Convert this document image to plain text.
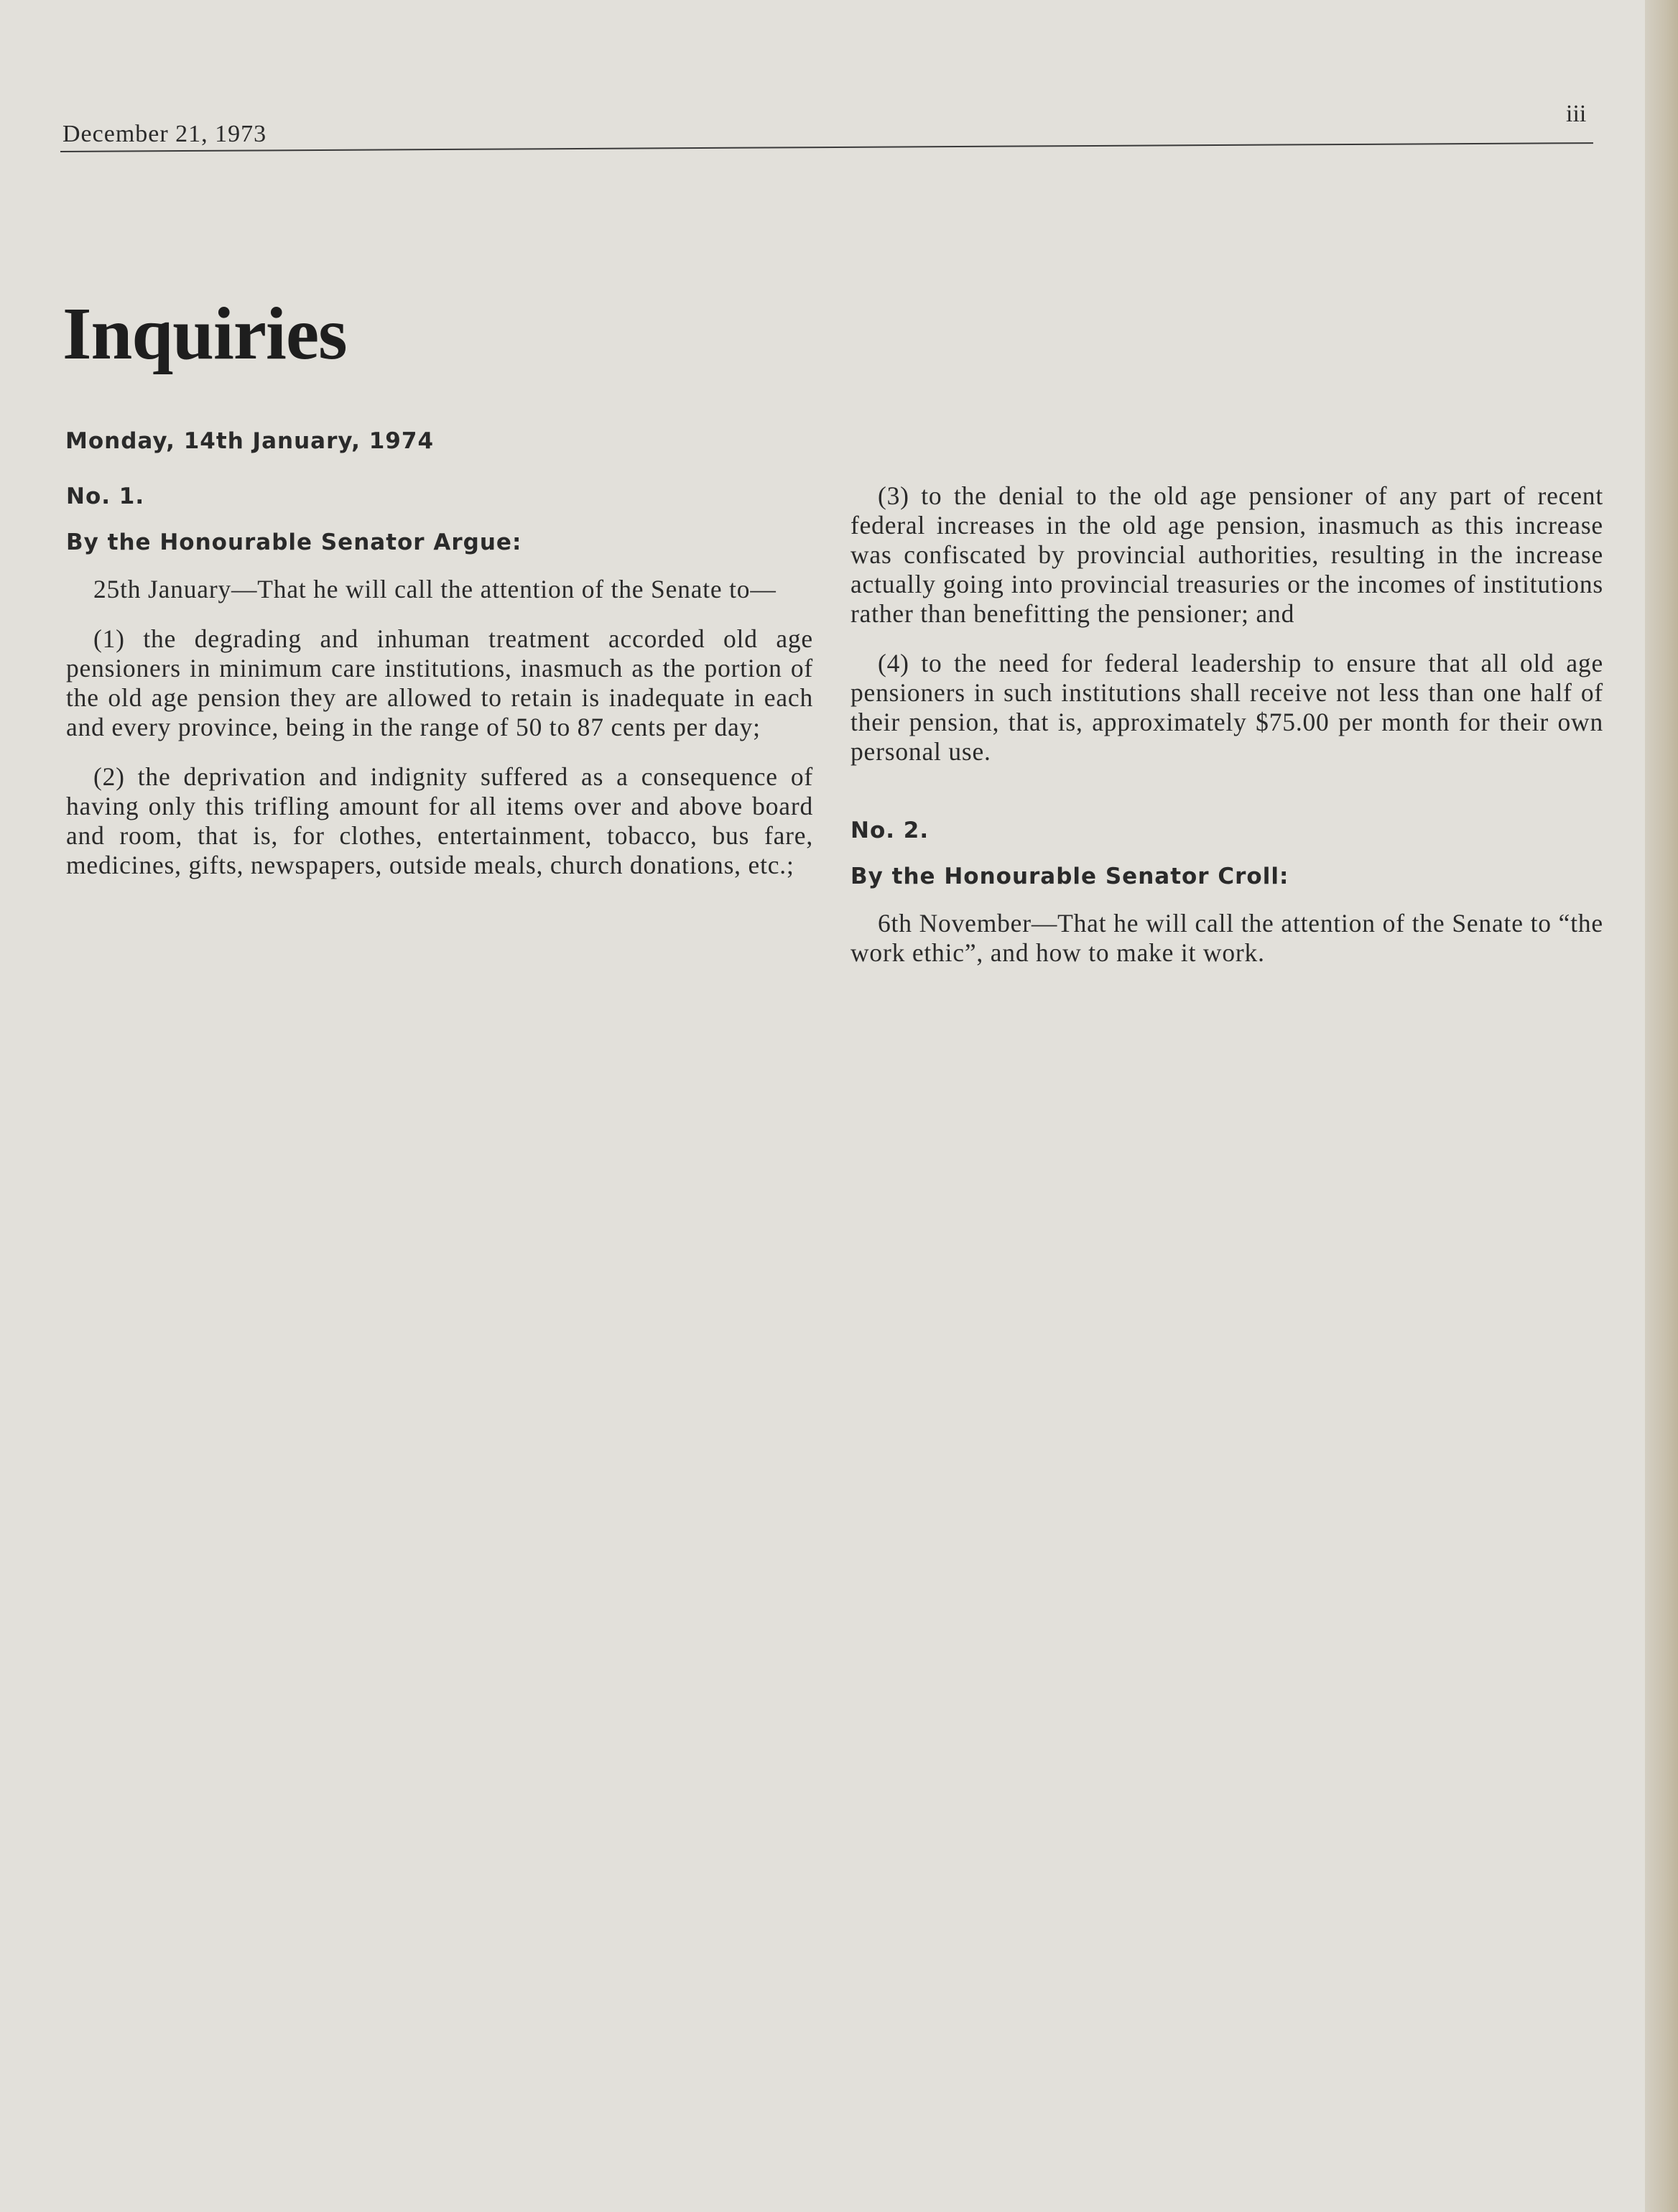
December 21, 1973
iii
Inquiries
Monday, 14th January, 1974
No. 1.
By the Honourable Senator Argue:

25th January—That he will call the attention of the Senate to—

(1) the degrading and inhuman treatment accorded old age pensioners in minimum care institutions, inasmuch as the portion of the old age pension they are allowed to retain is inadequate in each and every province, being in the range of 50 to 87 cents per day;

(2) the deprivation and indignity suffered as a consequence of having only this trifling amount for all items over and above board and room, that is, for clothes, entertainment, tobacco, bus fare, medicines, gifts, newspapers, outside meals, church donations, etc.;

(3) to the denial to the old age pensioner of any part of recent federal increases in the old age pension, inasmuch as this increase was confiscated by provincial authorities, resulting in the increase actually going into provincial treasuries or the incomes of institutions rather than benefitting the pensioner; and

(4) to the need for federal leadership to ensure that all old age pensioners in such institutions shall receive not less than one half of their pension, that is, approximately $75.00 per month for their own personal use.

No. 2.
By the Honourable Senator Croll:

6th November—That he will call the attention of the Senate to “the work ethic”, and how to make it work.
